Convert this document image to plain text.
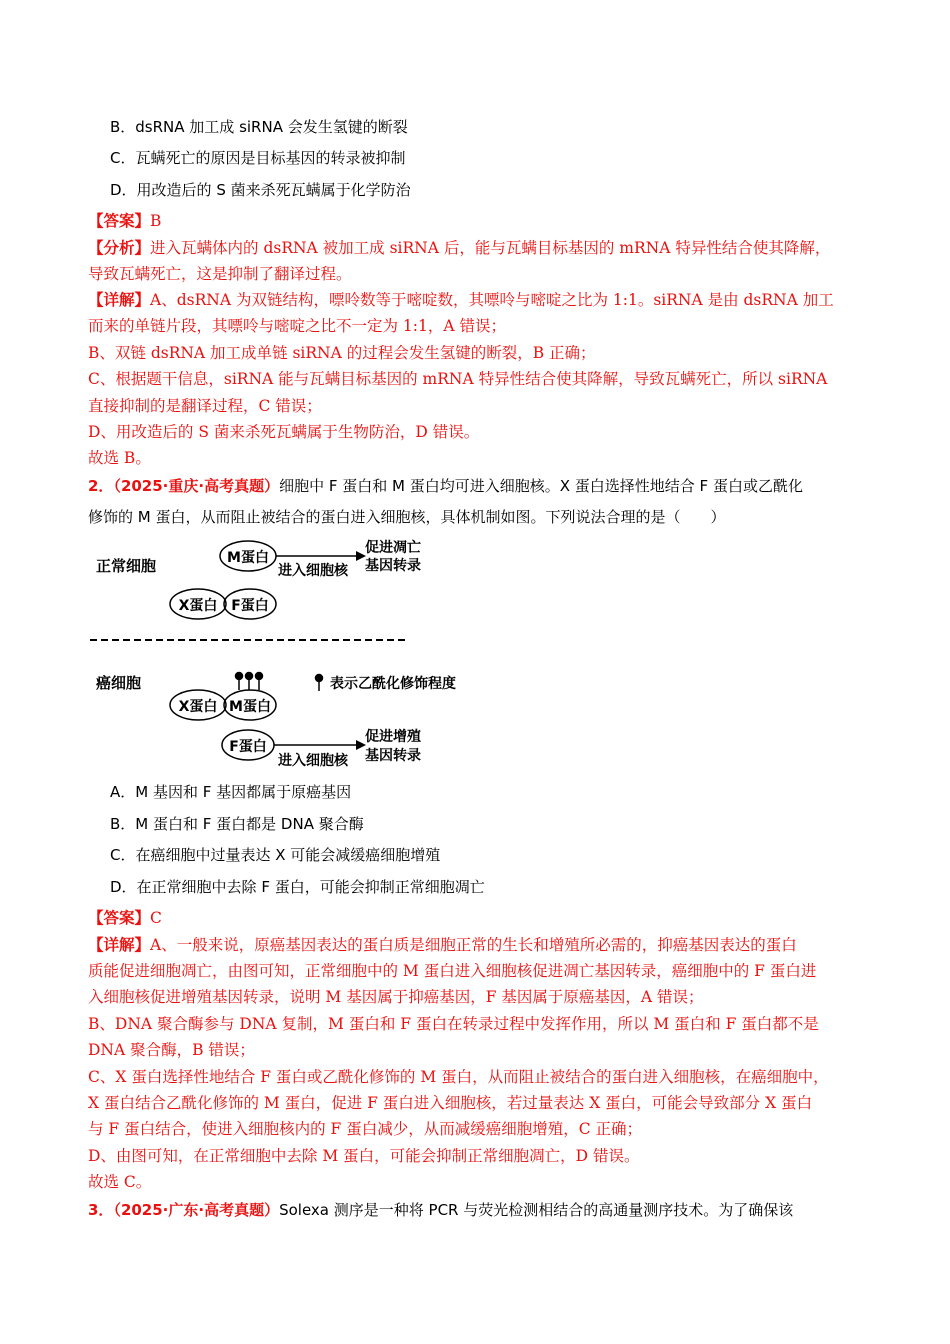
B．dsRNA 加工成 siRNA 会发生氢键的断裂
C．瓦螨死亡的原因是目标基因的转录被抑制
D．用改造后的 S 菌来杀死瓦螨属于化学防治
【答案】B
【分析】进入瓦螨体内的 dsRNA 被加工成 siRNA 后，能与瓦螨目标基因的 mRNA 特异性结合使其降解，
导致瓦螨死亡，这是抑制了翻译过程。
【详解】A、dsRNA 为双链结构，嘌呤数等于嘧啶数，其嘌呤与嘧啶之比为 1:1。siRNA 是由 dsRNA 加工
而来的单链片段，其嘌呤与嘧啶之比不一定为 1:1，A 错误；
B、双链 dsRNA 加工成单链 siRNA 的过程会发生氢键的断裂，B 正确；
C、根据题干信息，siRNA 能与瓦螨目标基因的 mRNA 特异性结合使其降解，导致瓦螨死亡，所以 siRNA
直接抑制的是翻译过程，C 错误；
D、用改造后的 S 菌来杀死瓦螨属于生物防治，D 错误。
故选 B。
2．（2025·重庆·高考真题）细胞中 F 蛋白和 M 蛋白均可进入细胞核。X 蛋白选择性地结合 F 蛋白或乙酰化
修饰的 M 蛋白，从而阻止被结合的蛋白进入细胞核，具体机制如图。下列说法合理的是（　　）
正常细胞	M蛋白
进入细胞核
促进凋亡
基因转录
X蛋白 F蛋白
癌细胞
X蛋白 M蛋白
表示乙酰化修饰程度
F蛋白
进入细胞核
促进增殖
基因转录
A．M 基因和 F 基因都属于原癌基因
B．M 蛋白和 F 蛋白都是 DNA 聚合酶
C．在癌细胞中过量表达 X 可能会减缓癌细胞增殖
D．在正常细胞中去除 F 蛋白，可能会抑制正常细胞凋亡
【答案】C
【详解】A、一般来说，原癌基因表达的蛋白质是细胞正常的生长和增殖所必需的，抑癌基因表达的蛋白
质能促进细胞凋亡，由图可知，正常细胞中的 M 蛋白进入细胞核促进凋亡基因转录，癌细胞中的 F 蛋白进
入细胞核促进增殖基因转录，说明 M 基因属于抑癌基因，F 基因属于原癌基因，A 错误；
B、DNA 聚合酶参与 DNA 复制，M 蛋白和 F 蛋白在转录过程中发挥作用，所以 M 蛋白和 F 蛋白都不是
DNA 聚合酶，B 错误；
C、X 蛋白选择性地结合 F 蛋白或乙酰化修饰的 M 蛋白，从而阻止被结合的蛋白进入细胞核，在癌细胞中，
X 蛋白结合乙酰化修饰的 M 蛋白，促进 F 蛋白进入细胞核，若过量表达 X 蛋白，可能会导致部分 X 蛋白
与 F 蛋白结合，使进入细胞核内的 F 蛋白减少，从而减缓癌细胞增殖，C 正确；
D、由图可知，在正常细胞中去除 M 蛋白，可能会抑制正常细胞凋亡，D 错误。
故选 C。
3．（2025·广东·高考真题）Solexa 测序是一种将 PCR 与荧光检测相结合的高通量测序技术。为了确保该
